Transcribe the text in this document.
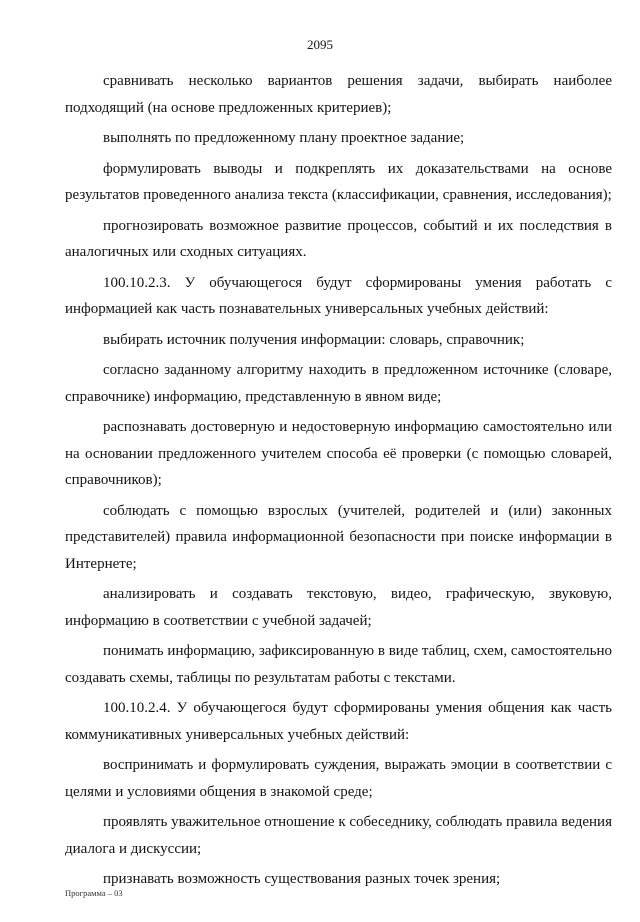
2095

сравнивать несколько вариантов решения задачи, выбирать наиболее подходящий (на основе предложенных критериев);

выполнять по предложенному плану проектное задание;

формулировать выводы и подкреплять их доказательствами на основе результатов проведенного анализа текста (классификации, сравнения, исследования);

прогнозировать возможное развитие процессов, событий и их последствия в аналогичных или сходных ситуациях.

100.10.2.3. У обучающегося будут сформированы умения работать с информацией как часть познавательных универсальных учебных действий:

выбирать источник получения информации: словарь, справочник;

согласно заданному алгоритму находить в предложенном источнике (словаре, справочнике) информацию, представленную в явном виде;

распознавать достоверную и недостоверную информацию самостоятельно или на основании предложенного учителем способа её проверки (с помощью словарей, справочников);

соблюдать с помощью взрослых (учителей, родителей и (или) законных представителей) правила информационной безопасности при поиске информации в Интернете;

анализировать и создавать текстовую, видео, графическую, звуковую, информацию в соответствии с учебной задачей;

понимать информацию, зафиксированную в виде таблиц, схем, самостоятельно создавать схемы, таблицы по результатам работы с текстами.

100.10.2.4. У обучающегося будут сформированы умения общения как часть коммуникативных универсальных учебных действий:

воспринимать и формулировать суждения, выражать эмоции в соответствии с целями и условиями общения в знакомой среде;

проявлять уважительное отношение к собеседнику, соблюдать правила ведения диалога и дискуссии;

признавать возможность существования разных точек зрения;

Программа – 03
